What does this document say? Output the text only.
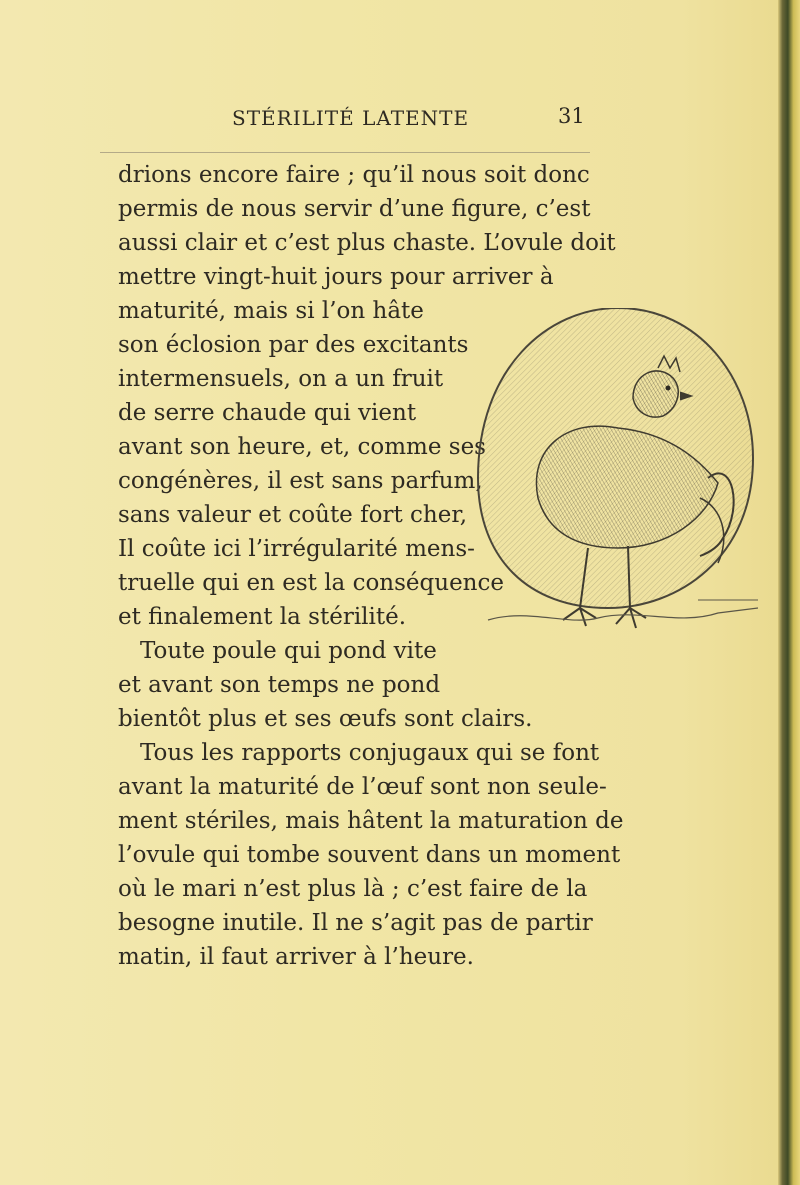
STÉRILITÉ LATENTE	31
drions encore faire ; qu’il nous soit donc
permis de nous servir d’une figure, c’est
aussi clair et c’est plus chaste. L’ovule doit
mettre vingt-huit jours pour arriver à
maturité, mais si l’on hâte
son éclosion par des excitants
intermensuels, on a un fruit
de serre chaude qui vient
avant son heure, et, comme ses
congénères, il est sans parfum,
sans valeur et coûte fort cher,
Il coûte ici l’irrégularité mens-
truelle qui en est la conséquence
et finalement la stérilité.
Toute poule qui pond vite
et avant son temps ne pond
bientôt plus et ses œufs sont clairs.
Tous les rapports conjugaux qui se font
avant la maturité de l’œuf sont non seule-
ment stériles, mais hâtent la maturation de
l’ovule qui tombe souvent dans un moment
où le mari n’est plus là ; c’est faire de la
besogne inutile. Il ne s’agit pas de partir
matin, il faut arriver à l’heure.
